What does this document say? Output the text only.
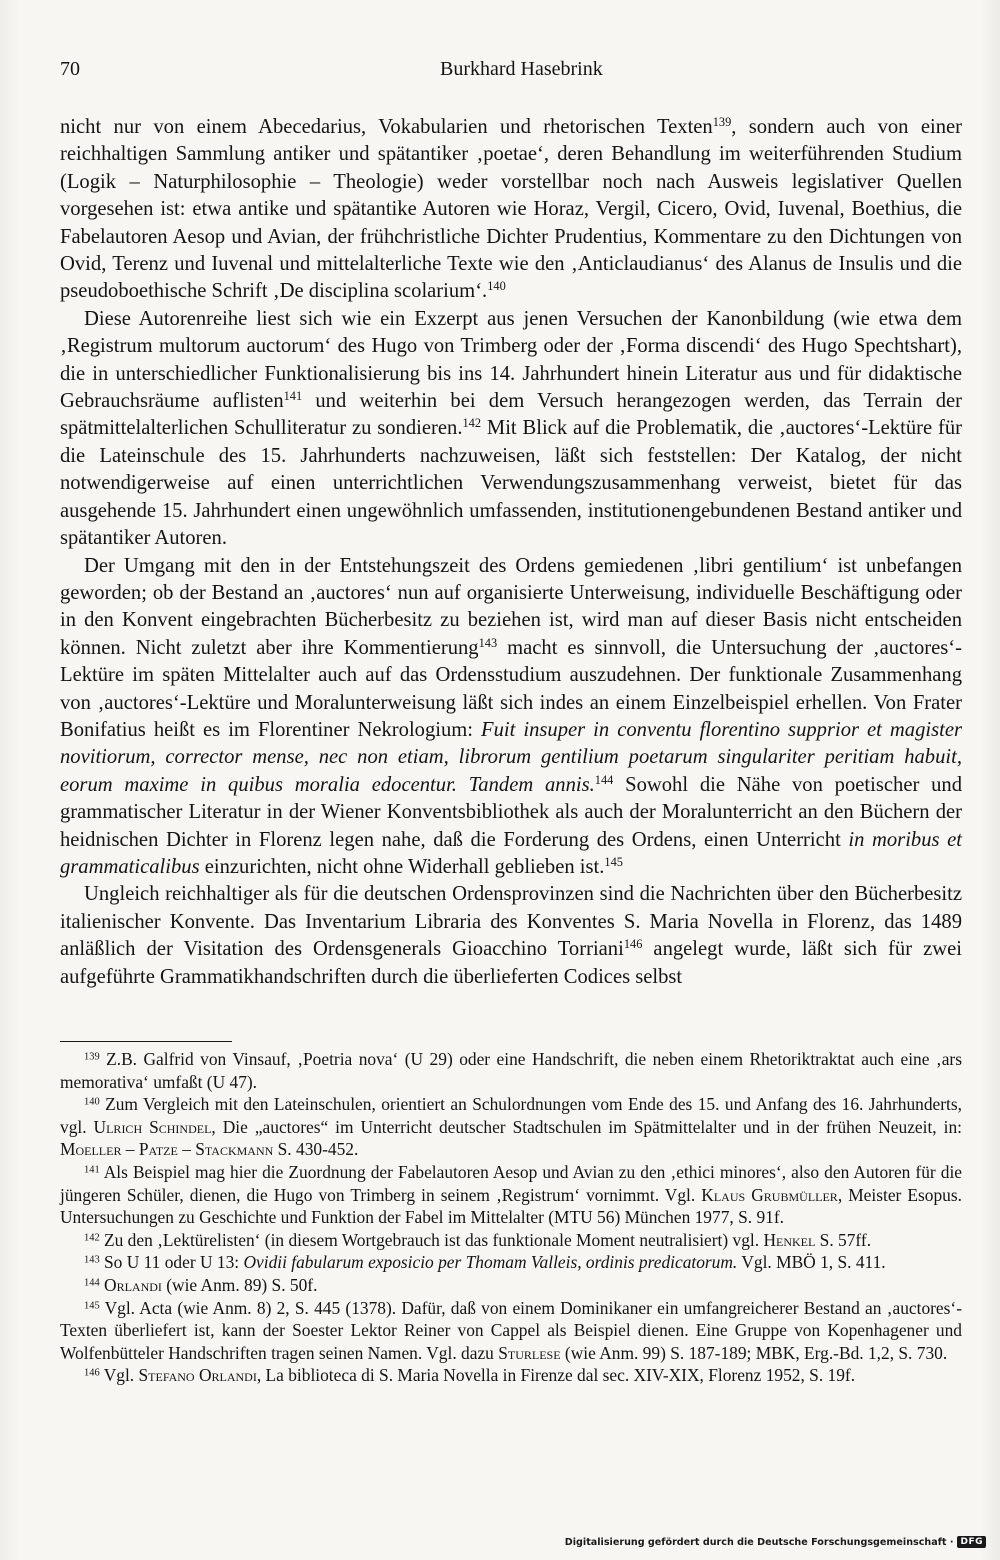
70	Burkhard Hasebrink

nicht nur von einem Abecedarius, Vokabularien und rhetorischen Texten$^{139}$, sondern auch von einer reichhaltigen Sammlung antiker und spätantiker ‚poetae‘, deren Behandlung im weiterführenden Studium (Logik – Naturphilosophie – Theologie) weder vorstellbar noch nach Ausweis legislativer Quellen vorgesehen ist: etwa antike und spätantike Autoren wie Horaz, Vergil, Cicero, Ovid, Iuvenal, Boethius, die Fabelautoren Aesop und Avian, der frühchristliche Dichter Prudentius, Kommentare zu den Dichtungen von Ovid, Terenz und Iuvenal und mittelalterliche Texte wie den ‚Anticlaudianus‘ des Alanus de Insulis und die pseudoboethische Schrift ‚De disciplina scolarium‘.$^{140}$

Diese Autorenreihe liest sich wie ein Exzerpt aus jenen Versuchen der Kanonbildung (wie etwa dem ‚Registrum multorum auctorum‘ des Hugo von Trimberg oder der ‚Forma discendi‘ des Hugo Spechtshart), die in unterschiedlicher Funktionalisierung bis ins 14. Jahrhundert hinein Literatur aus und für didaktische Gebrauchsräume auflisten$^{141}$ und weiterhin bei dem Versuch herangezogen werden, das Terrain der spätmittelalterlichen Schulliteratur zu sondieren.$^{142}$ Mit Blick auf die Problematik, die ‚auctores‘-Lektüre für die Lateinschule des 15. Jahrhunderts nachzuweisen, läßt sich feststellen: Der Katalog, der nicht notwendigerweise auf einen unterrichtlichen Verwendungszusammenhang verweist, bietet für das ausgehende 15. Jahrhundert einen ungewöhnlich umfassenden, institutionengebundenen Bestand antiker und spätantiker Autoren.

Der Umgang mit den in der Entstehungszeit des Ordens gemiedenen ‚libri gentilium‘ ist unbefangen geworden; ob der Bestand an ‚auctores‘ nun auf organisierte Unterweisung, individuelle Beschäftigung oder in den Konvent eingebrachten Bücherbesitz zu beziehen ist, wird man auf dieser Basis nicht entscheiden können. Nicht zuletzt aber ihre Kommentierung$^{143}$ macht es sinnvoll, die Untersuchung der ‚auctores‘-Lektüre im späten Mittelalter auch auf das Ordensstudium auszudehnen. Der funktionale Zusammenhang von ‚auctores‘-Lektüre und Moralunterweisung läßt sich indes an einem Einzelbeispiel erhellen. Von Frater Bonifatius heißt es im Florentiner Nekrologium: Fuit insuper in conventu florentino supprior et magister novitiorum, corrector mense, nec non etiam, librorum gentilium poetarum singulariter peritiam habuit, eorum maxime in quibus moralia edocentur. Tandem annis.$^{144}$ Sowohl die Nähe von poetischer und grammatischer Literatur in der Wiener Konventsbibliothek als auch der Moralunterricht an den Büchern der heidnischen Dichter in Florenz legen nahe, daß die Forderung des Ordens, einen Unterricht in moribus et grammaticalibus einzurichten, nicht ohne Widerhall geblieben ist.$^{145}$

Ungleich reichhaltiger als für die deutschen Ordensprovinzen sind die Nachrichten über den Bücherbesitz italienischer Konvente. Das Inventarium Libraria des Konventes S. Maria Novella in Florenz, das 1489 anläßlich der Visitation des Ordensgenerals Gioacchino Torriani$^{146}$ angelegt wurde, läßt sich für zwei aufgeführte Grammatikhandschriften durch die überlieferten Codices selbst

$^{139}$ Z.B. Galfrid von Vinsauf, ‚Poetria nova‘ (U 29) oder eine Handschrift, die neben einem Rhetoriktraktat auch eine ‚ars memorativa‘ umfaßt (U 47).

$^{140}$ Zum Vergleich mit den Lateinschulen, orientiert an Schulordnungen vom Ende des 15. und Anfang des 16. Jahrhunderts, vgl. Ulrich Schindel, Die „auctores“ im Unterricht deutscher Stadtschulen im Spätmittelalter und in der frühen Neuzeit, in: Moeller – Patze – Stackmann S. 430-452.

$^{141}$ Als Beispiel mag hier die Zuordnung der Fabelautoren Aesop und Avian zu den ‚ethici minores‘, also den Autoren für die jüngeren Schüler, dienen, die Hugo von Trimberg in seinem ‚Registrum‘ vornimmt. Vgl. Klaus Grubmüller, Meister Esopus. Untersuchungen zu Geschichte und Funktion der Fabel im Mittelalter (MTU 56) München 1977, S. 91f.

$^{142}$ Zu den ‚Lektürelisten‘ (in diesem Wortgebrauch ist das funktionale Moment neutralisiert) vgl. Henkel S. 57ff.

$^{143}$ So U 11 oder U 13: Ovidii fabularum exposicio per Thomam Valleis, ordinis predicatorum. Vgl. MBÖ 1, S. 411.

$^{144}$ Orlandi (wie Anm. 89) S. 50f.

$^{145}$ Vgl. Acta (wie Anm. 8) 2, S. 445 (1378). Dafür, daß von einem Dominikaner ein umfangreicherer Bestand an ‚auctores‘-Texten überliefert ist, kann der Soester Lektor Reiner von Cappel als Beispiel dienen. Eine Gruppe von Kopenhagener und Wolfenbütteler Handschriften tragen seinen Namen. Vgl. dazu Sturlese (wie Anm. 99) S. 187-189; MBK, Erg.-Bd. 1,2, S. 730.

$^{146}$ Vgl. Stefano Orlandi, La biblioteca di S. Maria Novella in Firenze dal sec. XIV-XIX, Florenz 1952, S. 19f.

Digitalisierung gefördert durch die Deutsche Forschungsgemeinschaft · DFG
